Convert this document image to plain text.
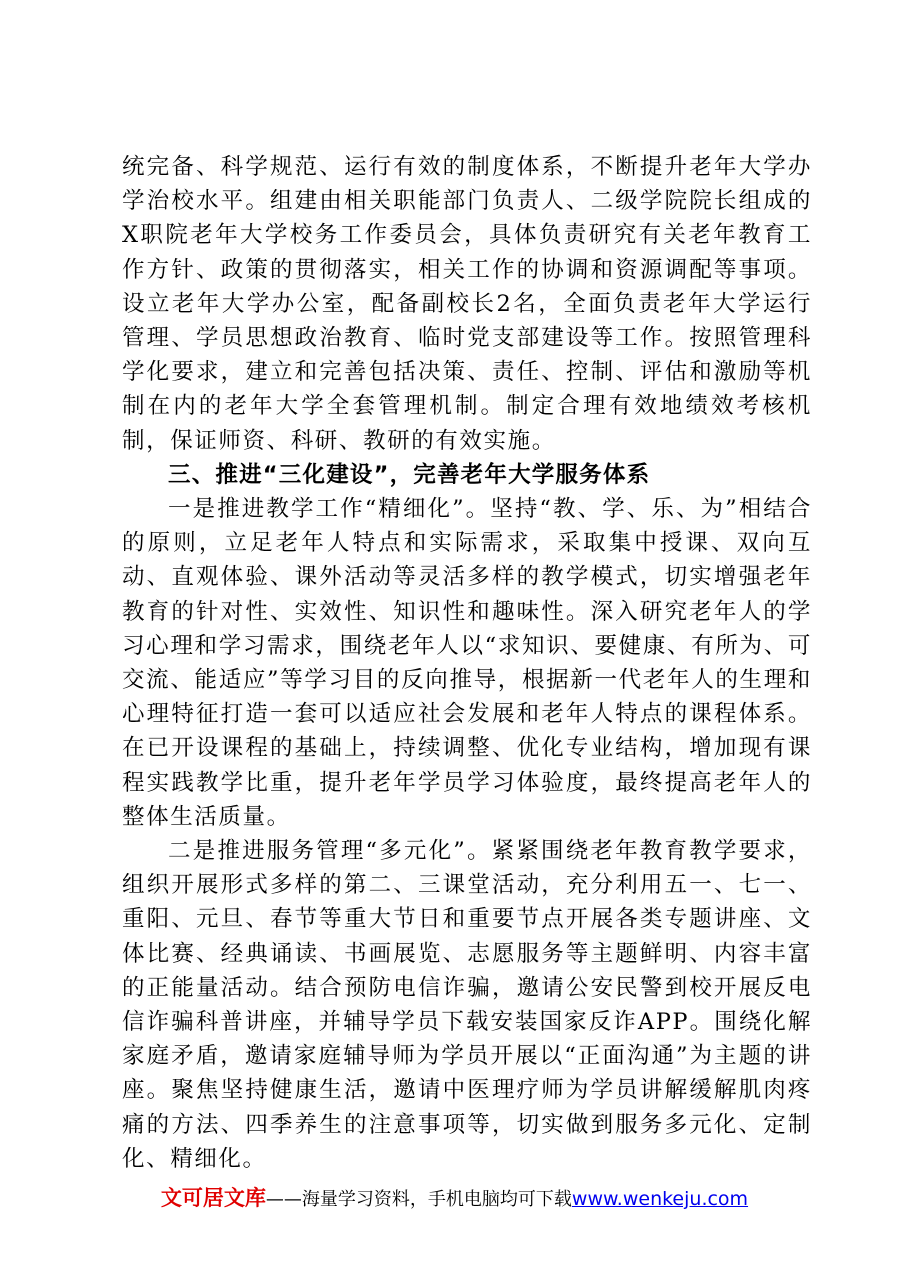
统完备、科学规范、运行有效的制度体系，不断提升老年大学办学治校水平。组建由相关职能部门负责人、二级学院院长组成的X职院老年大学校务工作委员会，具体负责研究有关老年教育工作方针、政策的贯彻落实，相关工作的协调和资源调配等事项。设立老年大学办公室，配备副校长2名，全面负责老年大学运行管理、学员思想政治教育、临时党支部建设等工作。按照管理科学化要求，建立和完善包括决策、责任、控制、评估和激励等机制在内的老年大学全套管理机制。制定合理有效地绩效考核机制，保证师资、科研、教研的有效实施。

三、推进“三化建设”，完善老年大学服务体系

一是推进教学工作“精细化”。坚持“教、学、乐、为”相结合的原则，立足老年人特点和实际需求，采取集中授课、双向互动、直观体验、课外活动等灵活多样的教学模式，切实增强老年教育的针对性、实效性、知识性和趣味性。深入研究老年人的学习心理和学习需求，围绕老年人以“求知识、要健康、有所为、可交流、能适应”等学习目的反向推导，根据新一代老年人的生理和心理特征打造一套可以适应社会发展和老年人特点的课程体系。在已开设课程的基础上，持续调整、优化专业结构，增加现有课程实践教学比重，提升老年学员学习体验度，最终提高老年人的整体生活质量。

二是推进服务管理“多元化”。紧紧围绕老年教育教学要求，组织开展形式多样的第二、三课堂活动，充分利用五一、七一、重阳、元旦、春节等重大节日和重要节点开展各类专题讲座、文体比赛、经典诵读、书画展览、志愿服务等主题鲜明、内容丰富的正能量活动。结合预防电信诈骗，邀请公安民警到校开展反电信诈骗科普讲座，并辅导学员下载安装国家反诈APP。围绕化解家庭矛盾，邀请家庭辅导师为学员开展以“正面沟通”为主题的讲座。聚焦坚持健康生活，邀请中医理疗师为学员讲解缓解肌肉疼痛的方法、四季养生的注意事项等，切实做到服务多元化、定制化、精细化。

文可居文库——海量学习资料，手机电脑均可下载www.wenkeju.com
